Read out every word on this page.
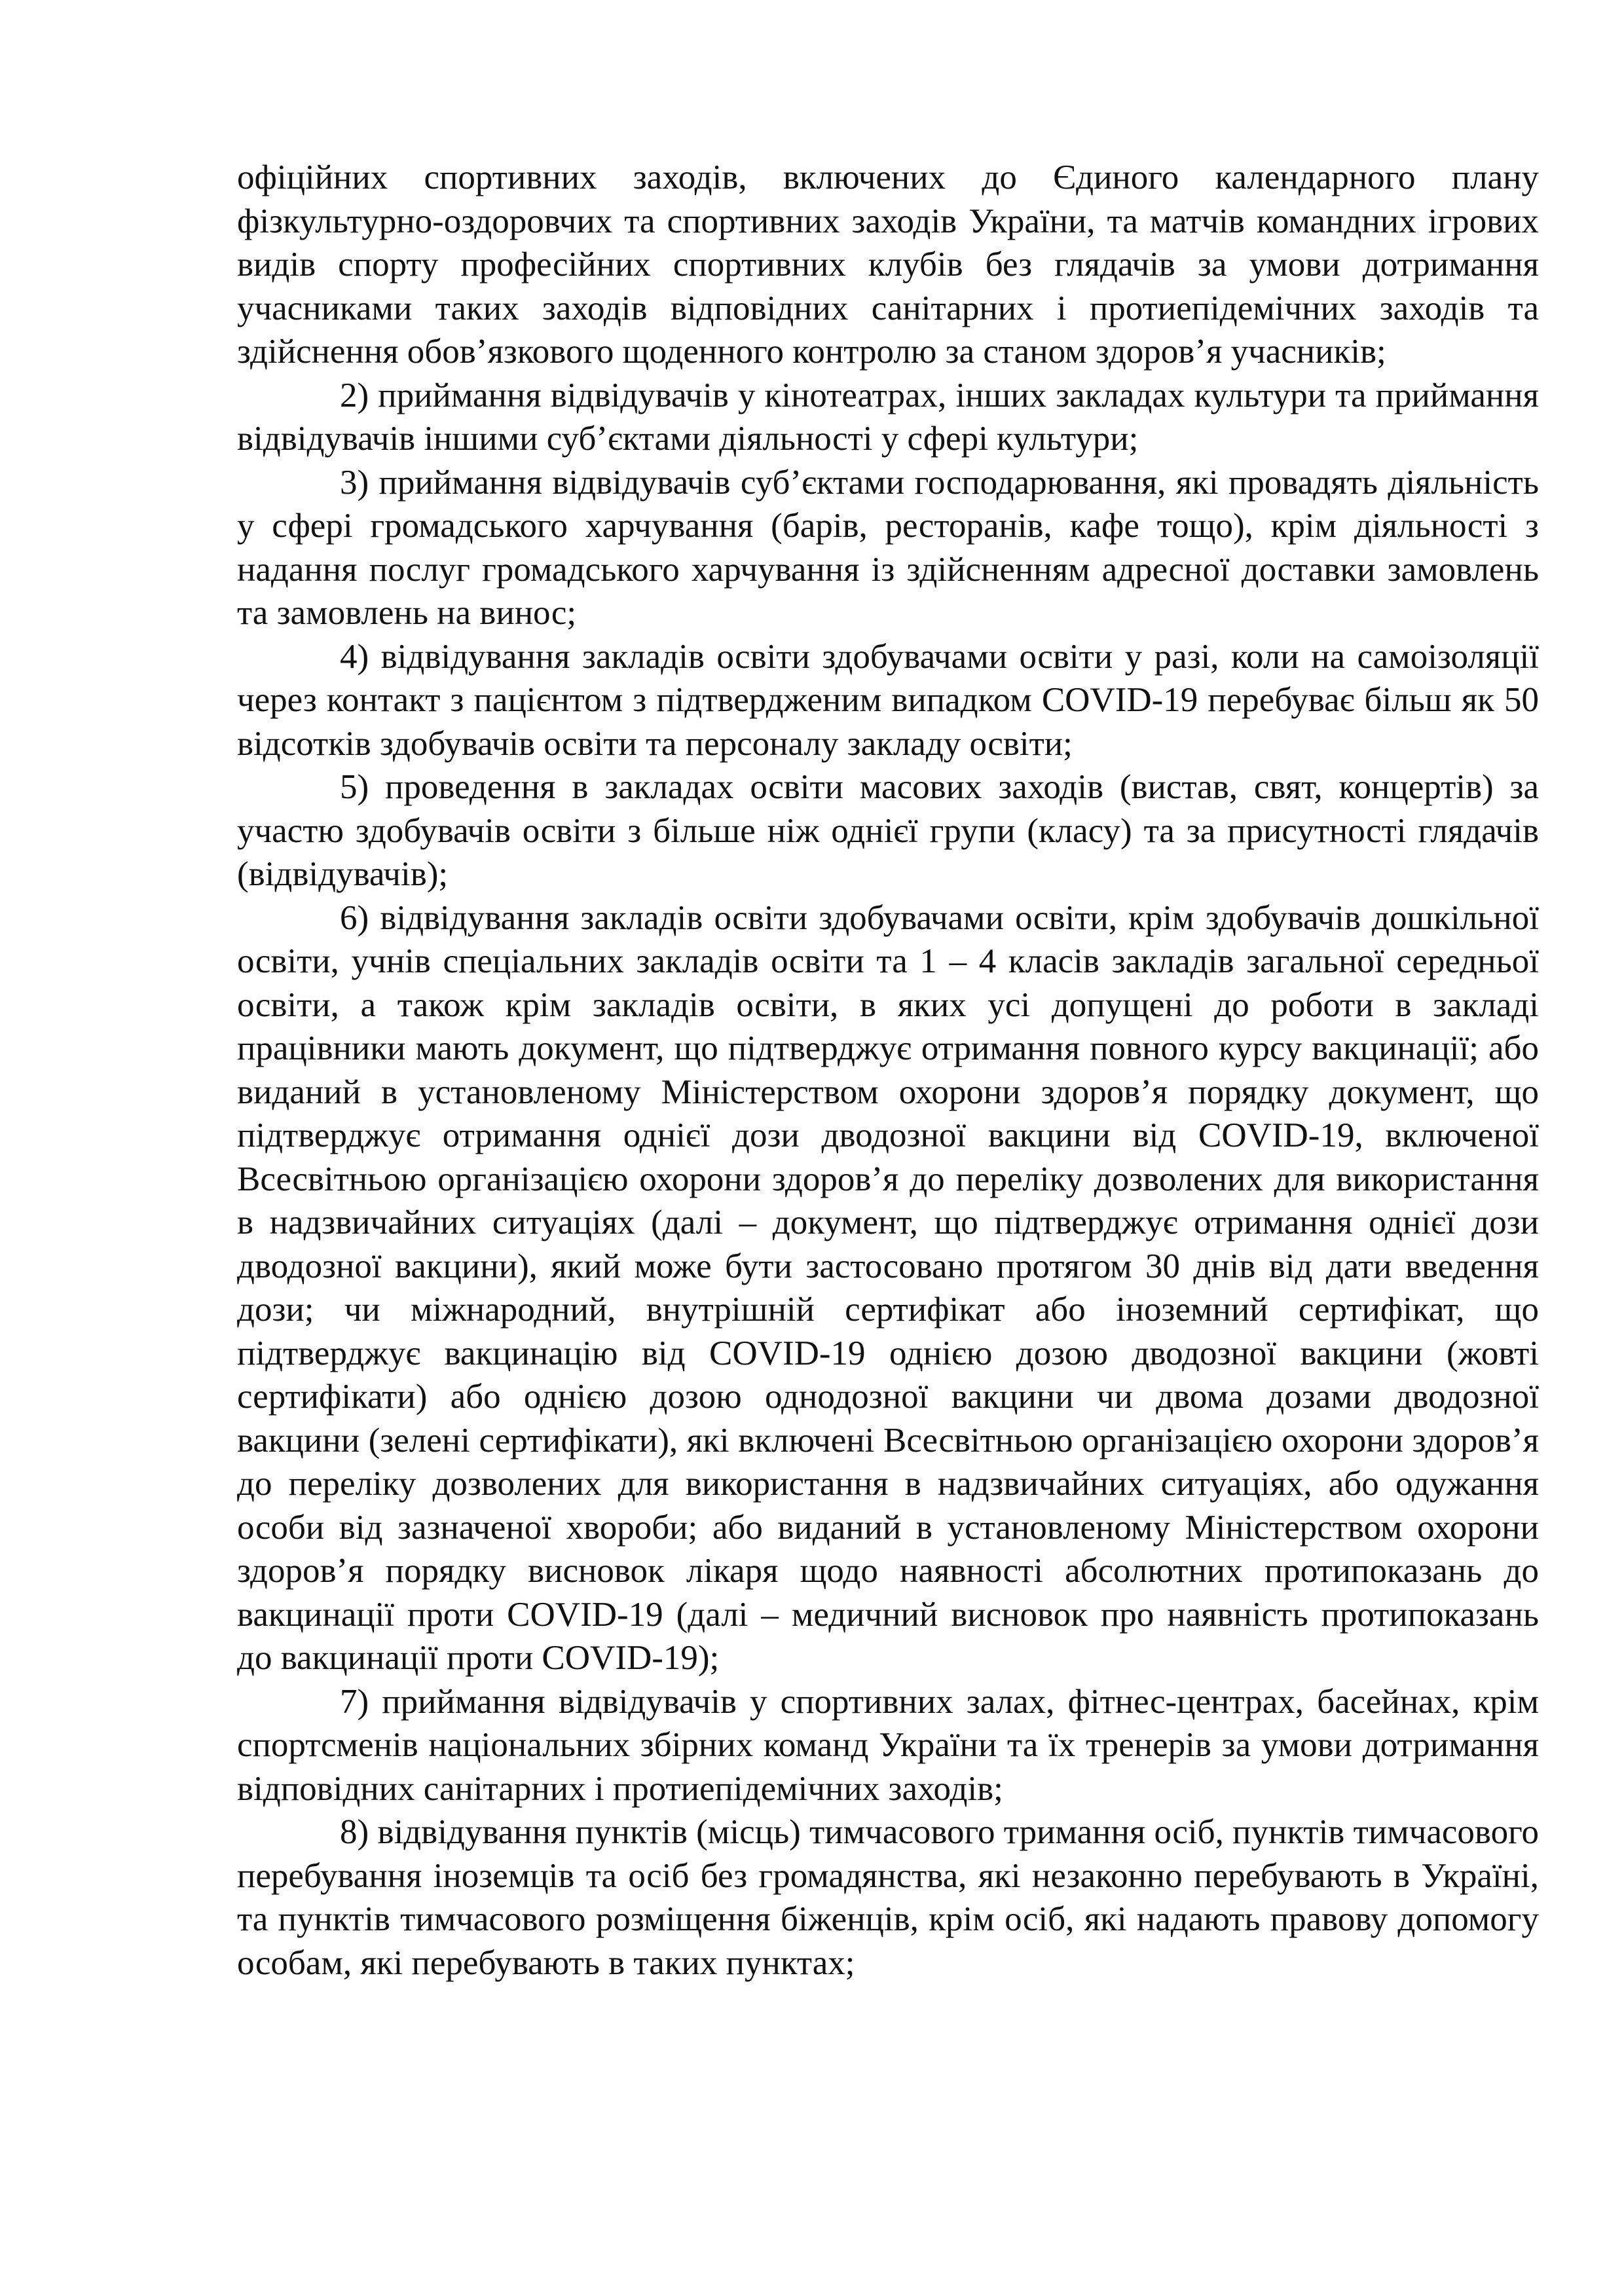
офіційних спортивних заходів, включених до Єдиного календарного плану фізкультурно-оздоровчих та спортивних заходів України, та матчів командних ігрових видів спорту професійних спортивних клубів без глядачів за умови дотримання учасниками таких заходів відповідних санітарних і протиепідемічних заходів та здійснення обов’язкового щоденного контролю за станом здоров’я учасників;

2) приймання відвідувачів у кінотеатрах, інших закладах культури та приймання відвідувачів іншими суб’єктами діяльності у сфері культури;

3) приймання відвідувачів суб’єктами господарювання, які провадять діяльність у сфері громадського харчування (барів, ресторанів, кафе тощо), крім діяльності з надання послуг громадського харчування із здійсненням адресної доставки замовлень та замовлень на винос;

4) відвідування закладів освіти здобувачами освіти у разі, коли на самоізоляції через контакт з пацієнтом з підтвердженим випадком COVID-19 перебуває більш як 50 відсотків здобувачів освіти та персоналу закладу освіти;

5) проведення в закладах освіти масових заходів (вистав, свят, концертів) за участю здобувачів освіти з більше ніж однієї групи (класу) та за присутності глядачів (відвідувачів);

6) відвідування закладів освіти здобувачами освіти, крім здобувачів дошкільної освіти, учнів спеціальних закладів освіти та 1 – 4 класів закладів загальної середньої освіти, а також крім закладів освіти, в яких усі допущені до роботи в закладі працівники мають документ, що підтверджує отримання повного курсу вакцинації; або виданий в установленому Міністерством охорони здоров’я порядку документ, що підтверджує отримання однієї дози дводозної вакцини від COVID-19, включеної Всесвітньою організацією охорони здоров’я до переліку дозволених для використання в надзвичайних ситуаціях (далі – документ, що підтверджує отримання однієї дози дводозної вакцини), який може бути застосовано протягом 30 днів від дати введення дози; чи міжнародний, внутрішній сертифікат або іноземний сертифікат, що підтверджує вакцинацію від COVID-19 однією дозою дводозної вакцини (жовті сертифікати) або однією дозою однодозної вакцини чи двома дозами дводозної вакцини (зелені сертифікати), які включені Всесвітньою організацією охорони здоров’я до переліку дозволених для використання в надзвичайних ситуаціях, або одужання особи від зазначеної хвороби; або виданий в установленому Міністерством охорони здоров’я порядку висновок лікаря щодо наявності абсолютних протипоказань до вакцинації проти COVID-19 (далі – медичний висновок про наявність протипоказань до вакцинації проти COVID-19);

7) приймання відвідувачів у спортивних залах, фітнес-центрах, басейнах, крім спортсменів національних збірних команд України та їх тренерів за умови дотримання відповідних санітарних і протиепідемічних заходів;

8) відвідування пунктів (місць) тимчасового тримання осіб, пунктів тимчасового перебування іноземців та осіб без громадянства, які незаконно перебувають в Україні, та пунктів тимчасового розміщення біженців, крім осіб, які надають правову допомогу особам, які перебувають в таких пунктах;
